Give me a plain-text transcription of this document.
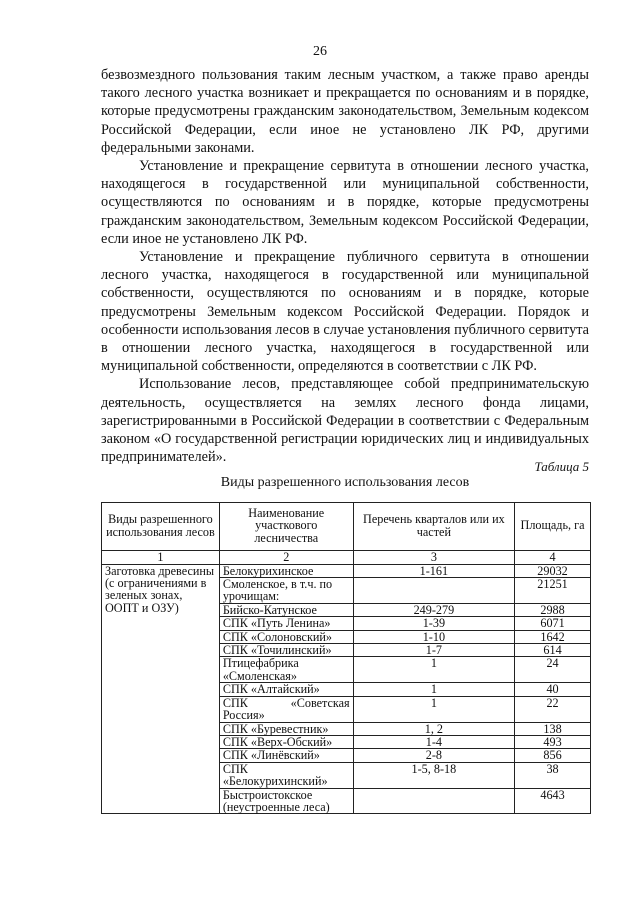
26

безвозмездного пользования таким лесным участком, а также право аренды такого лесного участка возникает и прекращается по основаниям и в порядке, которые предусмотрены гражданским законодательством, Земельным кодексом Российской Федерации, если иное не установлено ЛК РФ, другими федеральными законами.

Установление и прекращение сервитута в отношении лесного участка, находящегося в государственной или муниципальной собственности, осуществляются по основаниям и в порядке, которые предусмотрены гражданским законодательством, Земельным кодексом Российской Федерации, если иное не установлено ЛК РФ.

Установление и прекращение публичного сервитута в отношении лесного участка, находящегося в государственной или муниципальной собственности, осуществляются по основаниям и в порядке, которые предусмотрены Земельным кодексом Российской Федерации. Порядок и особенности использования лесов в случае установления публичного сервитута в отношении лесного участка, находящегося в государственной или муниципальной собственности, определяются в соответствии с ЛК РФ.

Использование лесов, представляющее собой предпринимательскую деятельность, осуществляется на землях лесного фонда лицами, зарегистрированными в Российской Федерации в соответствии с Федеральным законом «О государственной регистрации юридических лиц и индивидуальных предпринимателей».

Таблица 5
Виды разрешенного использования лесов
Виды разрешенного использования лесов	Наименование участкового лесничества	Перечень кварталов или их частей	Площадь, га
1	2	3	4
Заготовка древесины (с ограничениями в зеленых зонах, ООПТ и ОЗУ)	Белокурихинское	1-161	29032
	Смоленское, в т.ч. по урочищам:		21251
	Бийско-Катунское	249-279	2988
	СПК «Путь Ленина»	1-39	6071
	СПК «Солоновский»	1-10	1642
	СПК «Точилинский»	1-7	614
	Птицефабрика «Смоленская»	1	24
	СПК «Алтайский»	1	40
	СПК «Советская Россия»	1	22
	СПК «Буревестник»	1, 2	138
	СПК «Верх-Обский»	1-4	493
	СПК «Линёвский»	2-8	856
	СПК «Белокурихинский»	1-5, 8-18	38
	Быстроистокское (неустроенные леса)		4643
